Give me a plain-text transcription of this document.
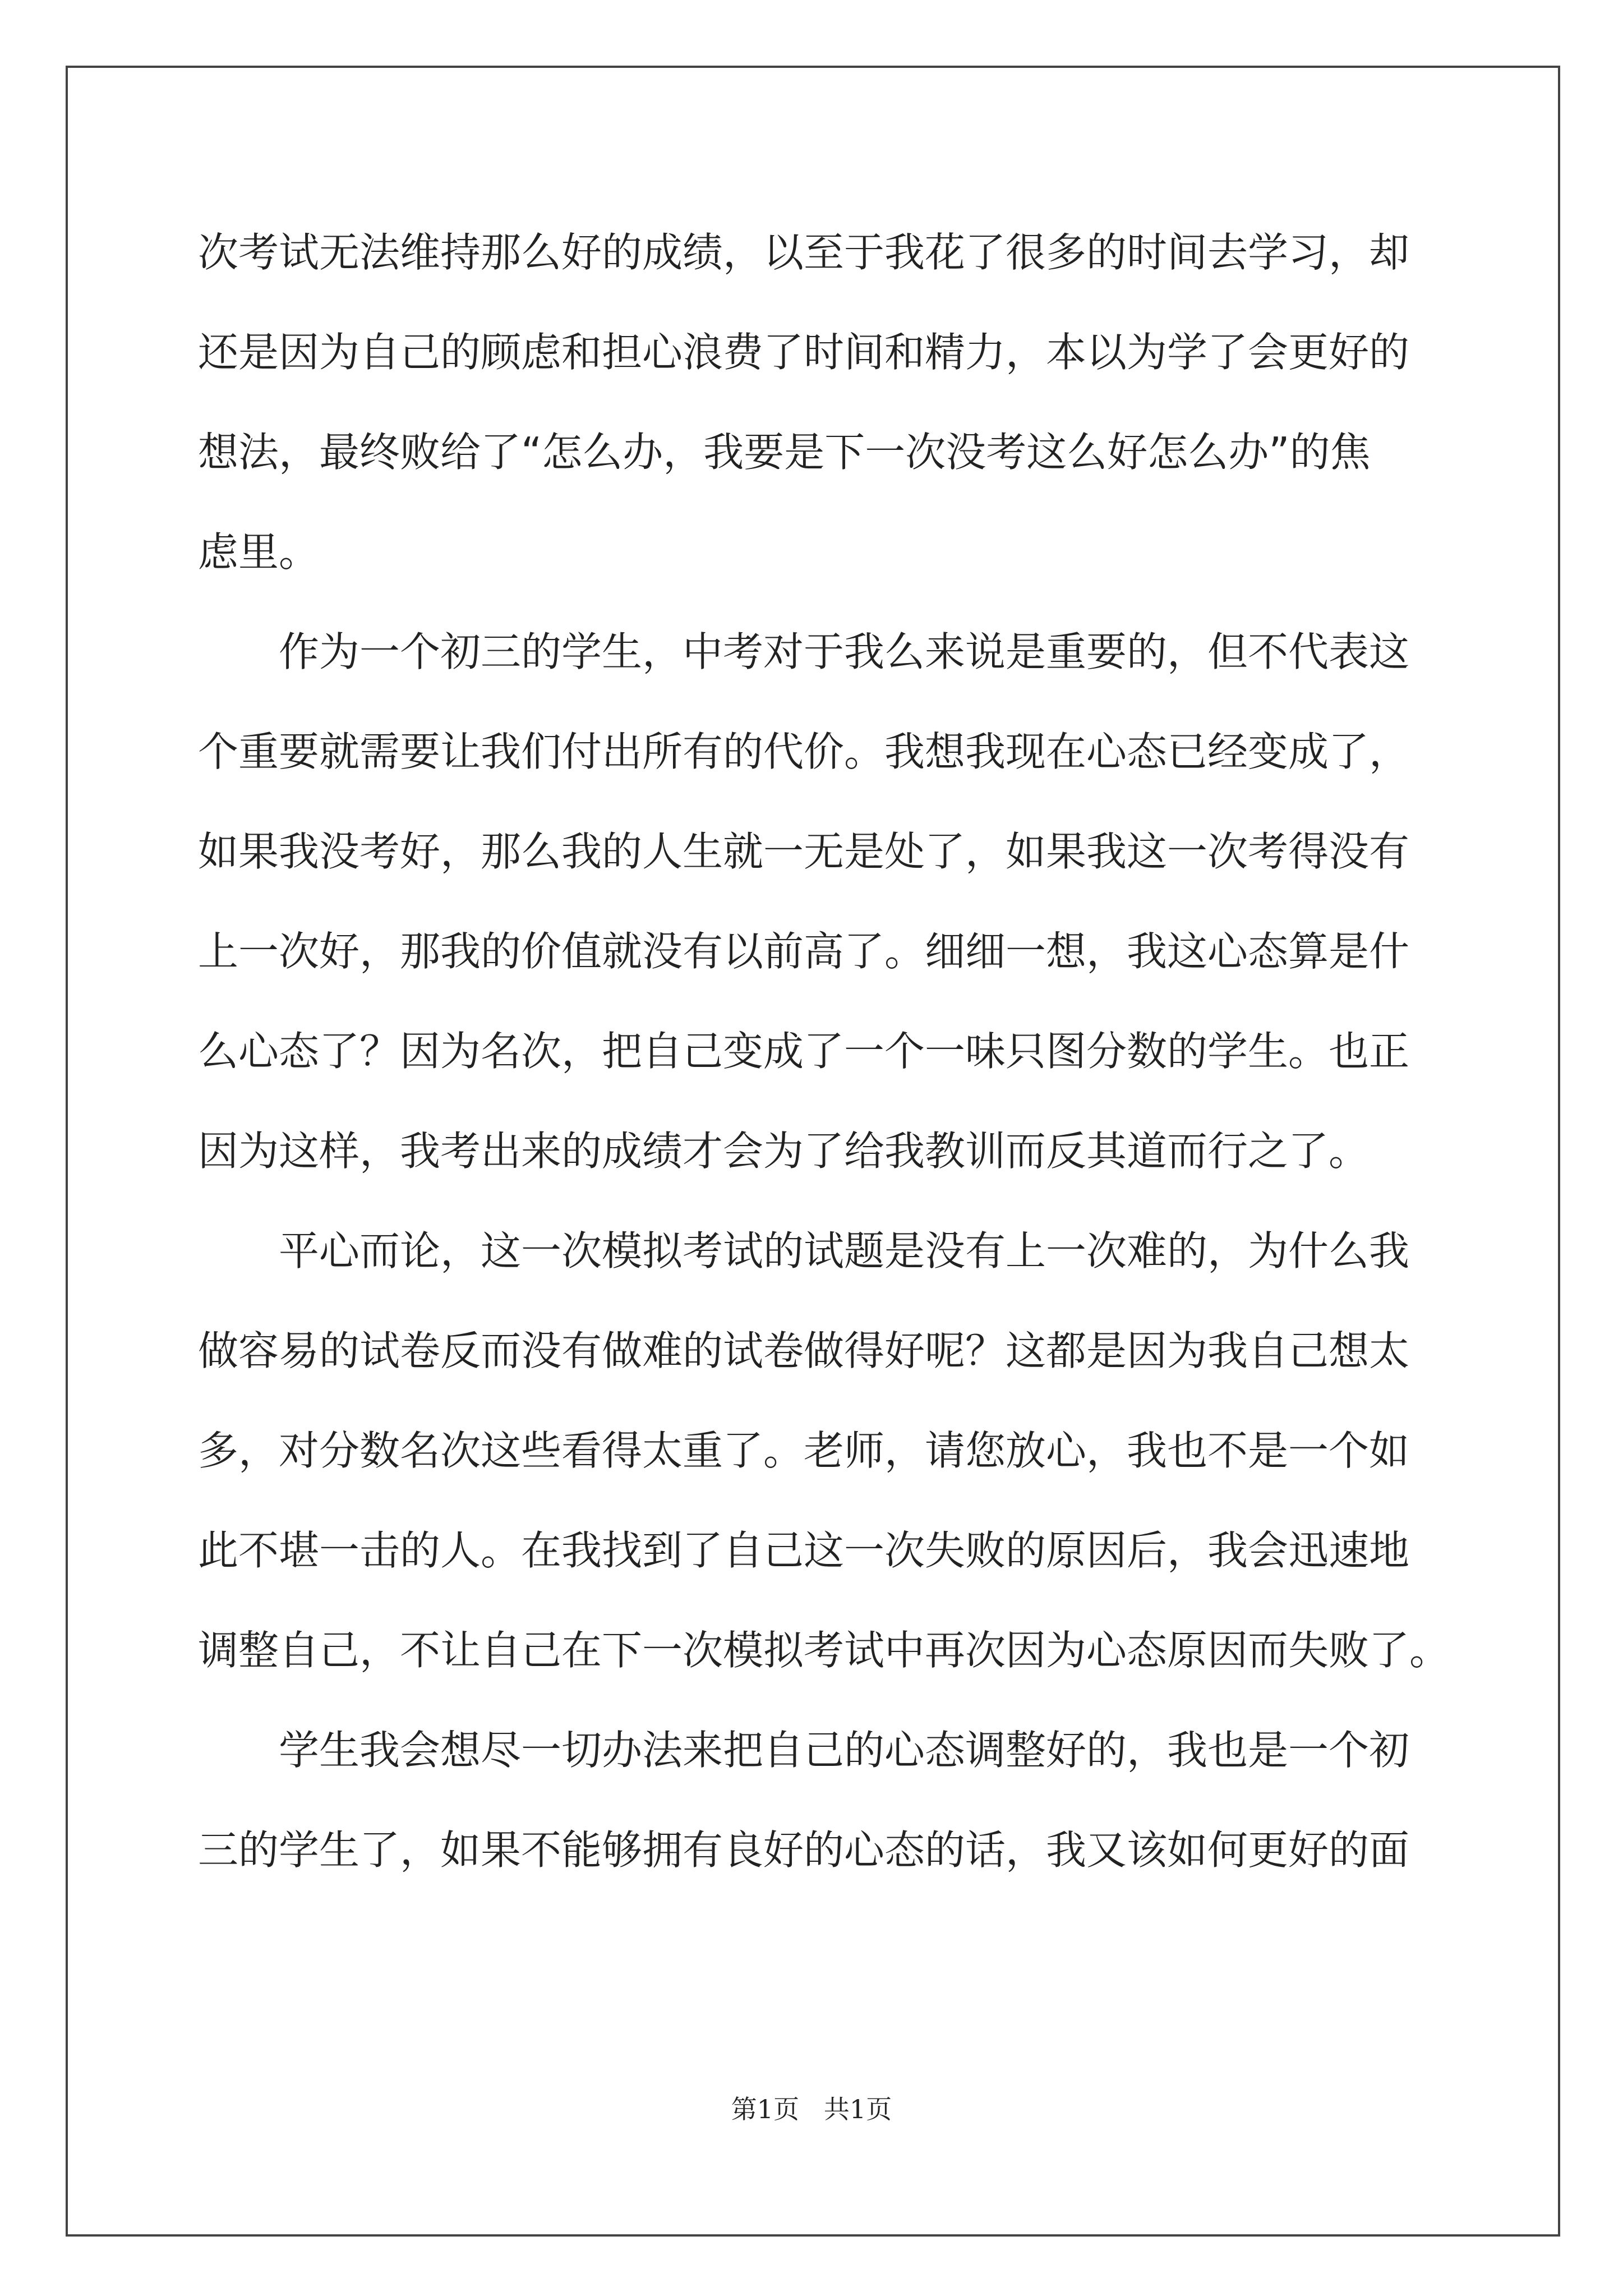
次考试无法维持那么好的成绩，以至于我花了很多的时间去学习，却
还是因为自己的顾虑和担心浪费了时间和精力，本以为学了会更好的
想法，最终败给了“怎么办，我要是下一次没考这么好怎么办”的焦
虑里。
作为一个初三的学生，中考对于我么来说是重要的，但不代表这
个重要就需要让我们付出所有的代价。我想我现在心态已经变成了，
如果我没考好，那么我的人生就一无是处了，如果我这一次考得没有
上一次好，那我的价值就没有以前高了。细细一想，我这心态算是什
么心态了？因为名次，把自己变成了一个一味只图分数的学生。也正
因为这样，我考出来的成绩才会为了给我教训而反其道而行之了。
平心而论，这一次模拟考试的试题是没有上一次难的，为什么我
做容易的试卷反而没有做难的试卷做得好呢？这都是因为我自己想太
多，对分数名次这些看得太重了。老师，请您放心，我也不是一个如
此不堪一击的人。在我找到了自己这一次失败的原因后，我会迅速地
调整自己，不让自己在下一次模拟考试中再次因为心态原因而失败了。
学生我会想尽一切办法来把自己的心态调整好的，我也是一个初
三的学生了，如果不能够拥有良好的心态的话，我又该如何更好的面
第1页   共1页
